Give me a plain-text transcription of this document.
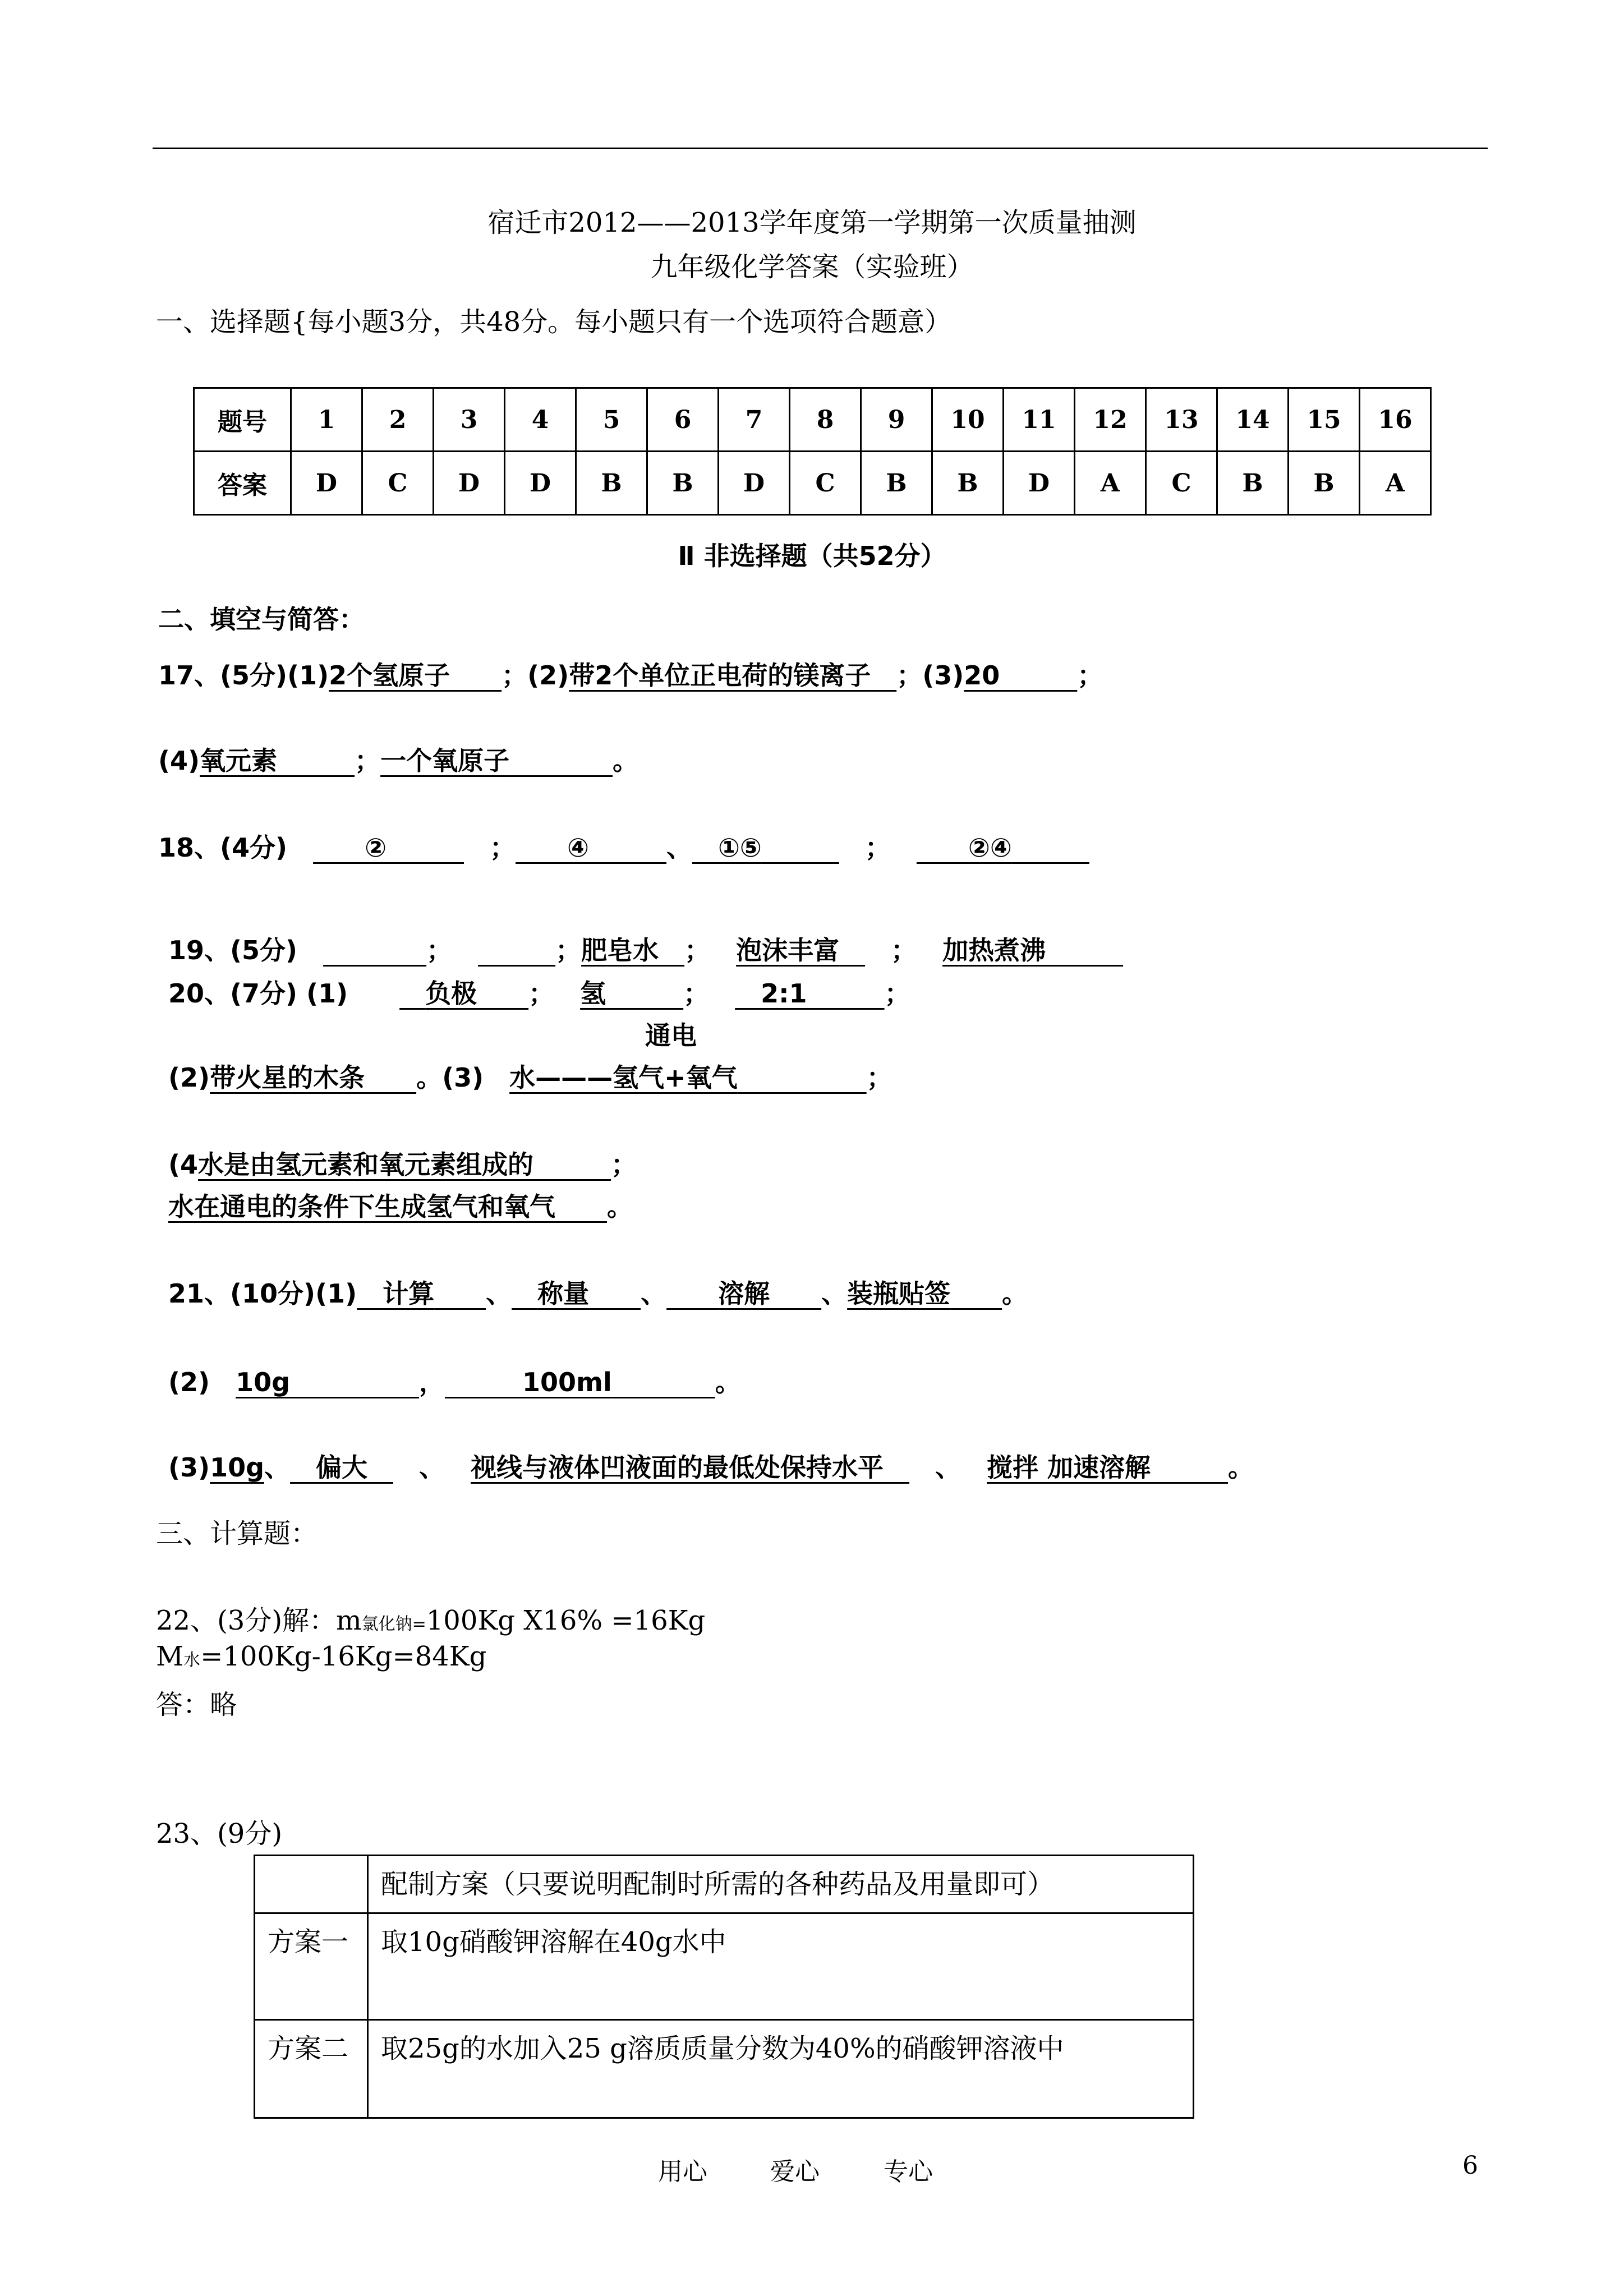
宿迁市2012——2013学年度第一学期第一次质量抽测
九年级化学答案（实验班）
一、选择题{每小题3分，共48分。每小题只有一个选项符合题意）
题号	1	2	3	4	5	6	7	8	9	10	11	12	13	14	15	16
答案	D	C	D	D	B	B	D	C	B	B	D	A	C	B	B	A
Ⅱ 非选择题（共52分）
二、填空与简答：
17、(5分)(1)2个氢原子   ；(2)带2个单位正电荷的镁离子  ；(3)20   	；
(4)氧元素   	；一个氧原子    	。
18、(4分)   	②    	；   ④   	、  ①⑤    	；   	②④   
19、(5分)     	；    	；肥皂水  ；  泡沫丰富   ；  加热煮沸   
20、(7分) (1)   	负极   ；  氢   	；   2:1   	；
通电
(2)带火星的木条   。(3)  水———氢气+氧气     	；
(4水是由氢元素和氧元素组成的   	；
水在通电的条件下生成氢气和氧气   。
21、(10分)(1)  计算   、  称量   、   溶解   、装瓶贴签   。
(2)  10g     	，   	100ml    	。
(3)10g、  偏大   、  视线与液体凹液面的最低处保持水平   、  搅拌 加速溶解   	。
三、计算题：
22、(3分)解：m氯化钠=100Kg X16% =16Kg
M水=100Kg-16Kg=84Kg
答：略
23、(9分)
	配制方案（只要说明配制时所需的各种药品及用量即可）
方案一	取10g硝酸钾溶解在40g水中
方案二	取25g的水加入25 g溶质质量分数为40%的硝酸钾溶液中
用心	爱心	专心	6
